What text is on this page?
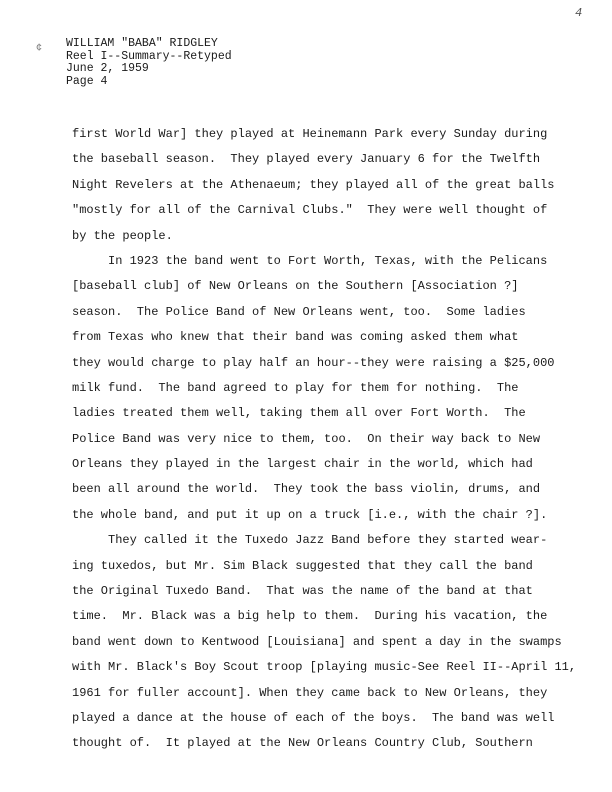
4
¢ WILLIAM "BABA" RIDGLEY
Reel I--Summary--Retyped
June 2, 1959
Page 4
first World War] they played at Heinemann Park every Sunday during
the baseball season.  They played every January 6 for the Twelfth
Night Revelers at the Athenaeum; they played all of the great balls
"mostly for all of the Carnival Clubs."  They were well thought of
by the people.
In 1923 the band went to Fort Worth, Texas, with the Pelicans
[baseball club] of New Orleans on the Southern [Association ?]
season.  The Police Band of New Orleans went, too.  Some ladies
from Texas who knew that their band was coming asked them what
they would charge to play half an hour--they were raising a $25,000
milk fund.  The band agreed to play for them for nothing.  The
ladies treated them well, taking them all over Fort Worth.  The
Police Band was very nice to them, too.  On their way back to New
Orleans they played in the largest chair in the world, which had
been all around the world.  They took the bass violin, drums, and
the whole band, and put it up on a truck [i.e., with the chair ?].
They called it the Tuxedo Jazz Band before they started wear-
ing tuxedos, but Mr. Sim Black suggested that they call the band
the Original Tuxedo Band.  That was the name of the band at that
time.  Mr. Black was a big help to them.  During his vacation, the
band went down to Kentwood [Louisiana] and spent a day in the swamps
with Mr. Black's Boy Scout troop [playing music-See Reel II--April 11,
1961 for fuller account]. When they came back to New Orleans, they
played a dance at the house of each of the boys.  The band was well
thought of.  It played at the New Orleans Country Club, Southern
